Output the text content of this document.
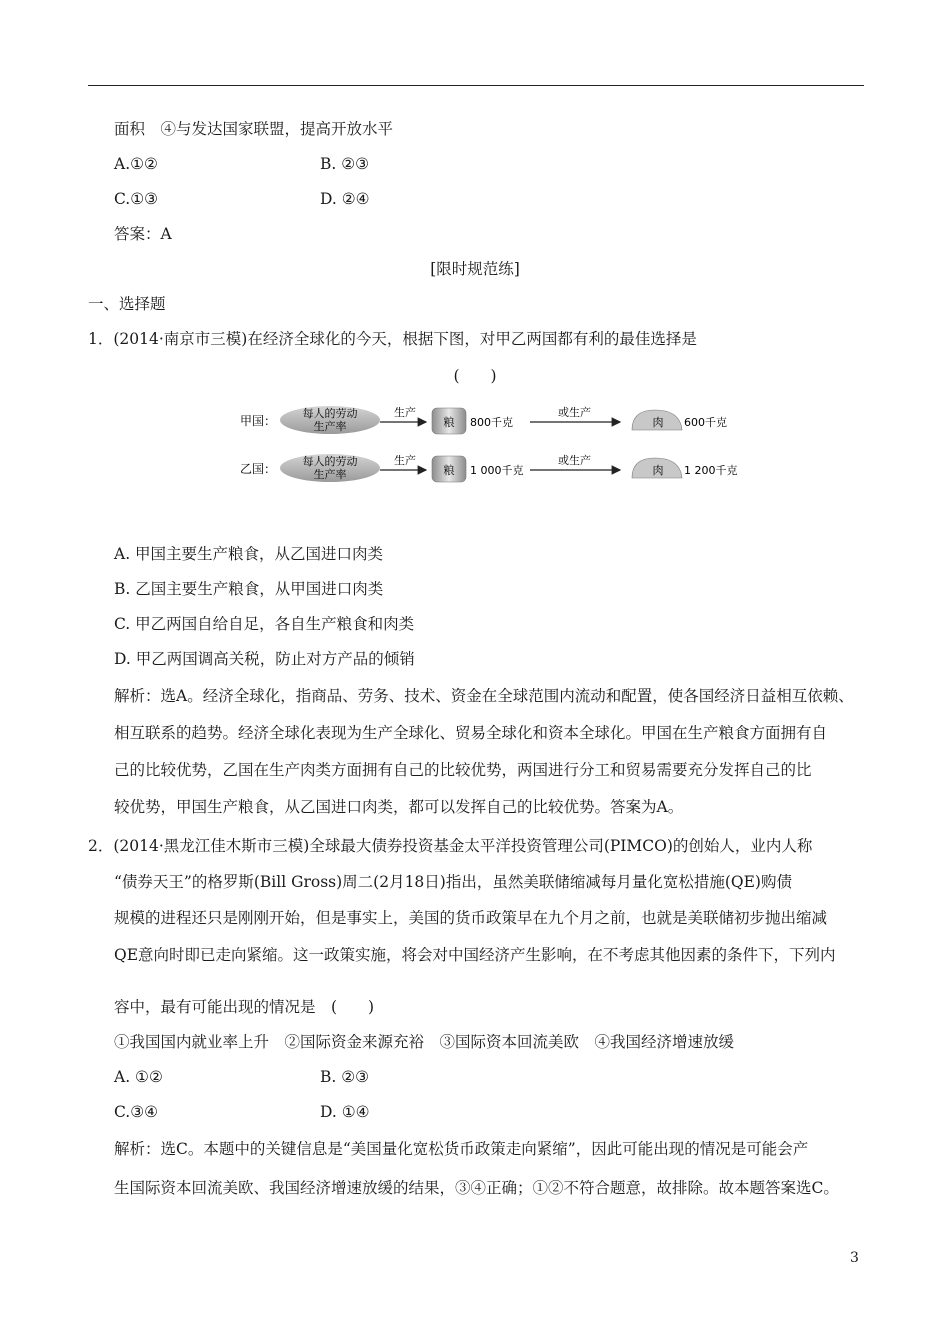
面积　④与发达国家联盟，提高开放水平
A.①②	B. ②③
C.①③	D. ②④
答案：A
[限时规范练]
一、选择题
1．(2014·南京市三模)在经济全球化的今天，根据下图，对甲乙两国都有利的最佳选择是
(　　)
甲国：
每人的劳动
生产率
生产
粮 800千克
或生产
肉 600千克
乙国：
每人的劳动
生产率
生产
粮 1 000千克
或生产
肉 1 200千克
A. 甲国主要生产粮食，从乙国进口肉类
B. 乙国主要生产粮食，从甲国进口肉类
C. 甲乙两国自给自足，各自生产粮食和肉类
D. 甲乙两国调高关税，防止对方产品的倾销
解析：选A。经济全球化，指商品、劳务、技术、资金在全球范围内流动和配置，使各国经济日益相互依赖、
相互联系的趋势。经济全球化表现为生产全球化、贸易全球化和资本全球化。甲国在生产粮食方面拥有自
己的比较优势，乙国在生产肉类方面拥有自己的比较优势，两国进行分工和贸易需要充分发挥自己的比
较优势，甲国生产粮食，从乙国进口肉类，都可以发挥自己的比较优势。答案为A。
2．(2014·黑龙江佳木斯市三模)全球最大债券投资基金太平洋投资管理公司(PIMCO)的创始人，业内人称
“债券天王”的格罗斯(Bill Gross)周二(2月18日)指出，虽然美联储缩减每月量化宽松措施(QE)购债
规模的进程还只是刚刚开始，但是事实上，美国的货币政策早在九个月之前，也就是美联储初步抛出缩减
QE意向时即已走向紧缩。这一政策实施，将会对中国经济产生影响，在不考虑其他因素的条件下，下列内
容中，最有可能出现的情况是　(　　)
①我国国内就业率上升　②国际资金来源充裕　③国际资本回流美欧　④我国经济增速放缓
A. ①②	B. ②③
C.③④	D. ①④
解析：选C。本题中的关键信息是“美国量化宽松货币政策走向紧缩”，因此可能出现的情况是可能会产
生国际资本回流美欧、我国经济增速放缓的结果，③④正确；①②不符合题意，故排除。故本题答案选C。
3
